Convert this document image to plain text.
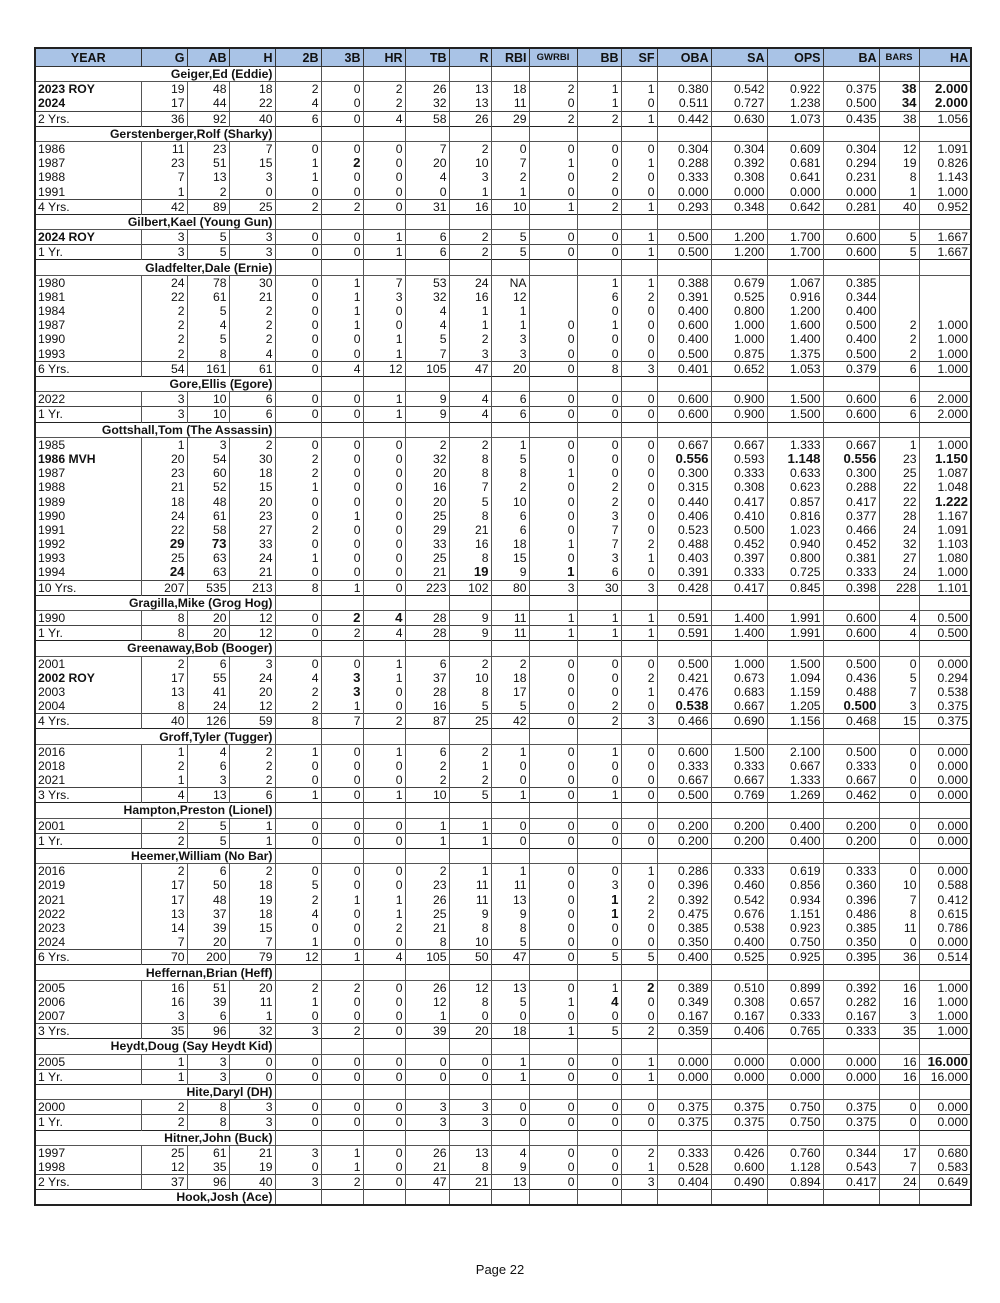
YEAR	G	AB	H	2B	3B	HR	TB	R	RBI	GWRBI	BB	SF	OBA	SA	OPS	BA	BARS	HA
Geiger,Ed (Eddie)																		
2023 ROY	19	48	18	2	0	2	26	13	18	2	1	1	0.380	0.542	0.922	0.375	38	2.000
2024	17	44	22	4	0	2	32	13	11	0	1	0	0.511	0.727	1.238	0.500	34	2.000
2 Yrs.	36	92	40	6	0	4	58	26	29	2	2	1	0.442	0.630	1.073	0.435	38	1.056
Gerstenberger,Rolf (Sharky)																		
1986	11	23	7	0	0	0	7	2	0	0	0	0	0.304	0.304	0.609	0.304	12	1.091
1987	23	51	15	1	2	0	20	10	7	1	0	1	0.288	0.392	0.681	0.294	19	0.826
1988	7	13	3	1	0	0	4	3	2	0	2	0	0.333	0.308	0.641	0.231	8	1.143
1991	1	2	0	0	0	0	0	1	1	0	0	0	0.000	0.000	0.000	0.000	1	1.000
4 Yrs.	42	89	25	2	2	0	31	16	10	1	2	1	0.293	0.348	0.642	0.281	40	0.952
Gilbert,Kael (Young Gun)																		
2024 ROY	3	5	3	0	0	1	6	2	5	0	0	1	0.500	1.200	1.700	0.600	5	1.667
1 Yr.	3	5	3	0	0	1	6	2	5	0	0	1	0.500	1.200	1.700	0.600	5	1.667
Gladfelter,Dale (Ernie)																		
1980	24	78	30	0	1	7	53	24	NA		1	1	0.388	0.679	1.067	0.385		
1981	22	61	21	0	1	3	32	16	12		6	2	0.391	0.525	0.916	0.344		
1984	2	5	2	0	1	0	4	1	1		0	0	0.400	0.800	1.200	0.400		
1987	2	4	2	0	1	0	4	1	1	0	1	0	0.600	1.000	1.600	0.500	2	1.000
1990	2	5	2	0	0	1	5	2	3	0	0	0	0.400	1.000	1.400	0.400	2	1.000
1993	2	8	4	0	0	1	7	3	3	0	0	0	0.500	0.875	1.375	0.500	2	1.000
6 Yrs.	54	161	61	0	4	12	105	47	20	0	8	3	0.401	0.652	1.053	0.379	6	1.000
Gore,Ellis (Egore)																		
2022	3	10	6	0	0	1	9	4	6	0	0	0	0.600	0.900	1.500	0.600	6	2.000
1 Yr.	3	10	6	0	0	1	9	4	6	0	0	0	0.600	0.900	1.500	0.600	6	2.000
Gottshall,Tom (The Assassin)																		
1985	1	3	2	0	0	0	2	2	1	0	0	0	0.667	0.667	1.333	0.667	1	1.000
1986 MVH	20	54	30	2	0	0	32	8	5	0	0	0	0.556	0.593	1.148	0.556	23	1.150
1987	23	60	18	2	0	0	20	8	8	1	0	0	0.300	0.333	0.633	0.300	25	1.087
1988	21	52	15	1	0	0	16	7	2	0	2	0	0.315	0.308	0.623	0.288	22	1.048
1989	18	48	20	0	0	0	20	5	10	0	2	0	0.440	0.417	0.857	0.417	22	1.222
1990	24	61	23	0	1	0	25	8	6	0	3	0	0.406	0.410	0.816	0.377	28	1.167
1991	22	58	27	2	0	0	29	21	6	0	7	0	0.523	0.500	1.023	0.466	24	1.091
1992	29	73	33	0	0	0	33	16	18	1	7	2	0.488	0.452	0.940	0.452	32	1.103
1993	25	63	24	1	0	0	25	8	15	0	3	1	0.403	0.397	0.800	0.381	27	1.080
1994	24	63	21	0	0	0	21	19	9	1	6	0	0.391	0.333	0.725	0.333	24	1.000
10 Yrs.	207	535	213	8	1	0	223	102	80	3	30	3	0.428	0.417	0.845	0.398	228	1.101
Gragilla,Mike (Grog Hog)																		
1990	8	20	12	0	2	4	28	9	11	1	1	1	0.591	1.400	1.991	0.600	4	0.500
1 Yr.	8	20	12	0	2	4	28	9	11	1	1	1	0.591	1.400	1.991	0.600	4	0.500
Greenaway,Bob (Booger)																		
2001	2	6	3	0	0	1	6	2	2	0	0	0	0.500	1.000	1.500	0.500	0	0.000
2002 ROY	17	55	24	4	3	1	37	10	18	0	0	2	0.421	0.673	1.094	0.436	5	0.294
2003	13	41	20	2	3	0	28	8	17	0	0	1	0.476	0.683	1.159	0.488	7	0.538
2004	8	24	12	2	1	0	16	5	5	0	2	0	0.538	0.667	1.205	0.500	3	0.375
4 Yrs.	40	126	59	8	7	2	87	25	42	0	2	3	0.466	0.690	1.156	0.468	15	0.375
Groff,Tyler (Tugger)																		
2016	1	4	2	1	0	1	6	2	1	0	1	0	0.600	1.500	2.100	0.500	0	0.000
2018	2	6	2	0	0	0	2	1	0	0	0	0	0.333	0.333	0.667	0.333	0	0.000
2021	1	3	2	0	0	0	2	2	0	0	0	0	0.667	0.667	1.333	0.667	0	0.000
3 Yrs.	4	13	6	1	0	1	10	5	1	0	1	0	0.500	0.769	1.269	0.462	0	0.000
Hampton,Preston (Lionel)																		
2001	2	5	1	0	0	0	1	1	0	0	0	0	0.200	0.200	0.400	0.200	0	0.000
1 Yr.	2	5	1	0	0	0	1	1	0	0	0	0	0.200	0.200	0.400	0.200	0	0.000
Heemer,William (No Bar)																		
2016	2	6	2	0	0	0	2	1	1	0	0	1	0.286	0.333	0.619	0.333	0	0.000
2019	17	50	18	5	0	0	23	11	11	0	3	0	0.396	0.460	0.856	0.360	10	0.588
2021	17	48	19	2	1	1	26	11	13	0	1	2	0.392	0.542	0.934	0.396	7	0.412
2022	13	37	18	4	0	1	25	9	9	0	1	2	0.475	0.676	1.151	0.486	8	0.615
2023	14	39	15	0	0	2	21	8	8	0	0	0	0.385	0.538	0.923	0.385	11	0.786
2024	7	20	7	1	0	0	8	10	5	0	0	0	0.350	0.400	0.750	0.350	0	0.000
6 Yrs.	70	200	79	12	1	4	105	50	47	0	5	5	0.400	0.525	0.925	0.395	36	0.514
Heffernan,Brian (Heff)																		
2005	16	51	20	2	2	0	26	12	13	0	1	2	0.389	0.510	0.899	0.392	16	1.000
2006	16	39	11	1	0	0	12	8	5	1	4	0	0.349	0.308	0.657	0.282	16	1.000
2007	3	6	1	0	0	0	1	0	0	0	0	0	0.167	0.167	0.333	0.167	3	1.000
3 Yrs.	35	96	32	3	2	0	39	20	18	1	5	2	0.359	0.406	0.765	0.333	35	1.000
Heydt,Doug (Say Heydt Kid)																		
2005	1	3	0	0	0	0	0	0	1	0	0	1	0.000	0.000	0.000	0.000	16	16.000
1 Yr.	1	3	0	0	0	0	0	0	1	0	0	1	0.000	0.000	0.000	0.000	16	16.000
Hite,Daryl (DH)																		
2000	2	8	3	0	0	0	3	3	0	0	0	0	0.375	0.375	0.750	0.375	0	0.000
1 Yr.	2	8	3	0	0	0	3	3	0	0	0	0	0.375	0.375	0.750	0.375	0	0.000
Hitner,John (Buck)																		
1997	25	61	21	3	1	0	26	13	4	0	0	2	0.333	0.426	0.760	0.344	17	0.680
1998	12	35	19	0	1	0	21	8	9	0	0	1	0.528	0.600	1.128	0.543	7	0.583
2 Yrs.	37	96	40	3	2	0	47	21	13	0	0	3	0.404	0.490	0.894	0.417	24	0.649
Hook,Josh (Ace)																		
Page 22
